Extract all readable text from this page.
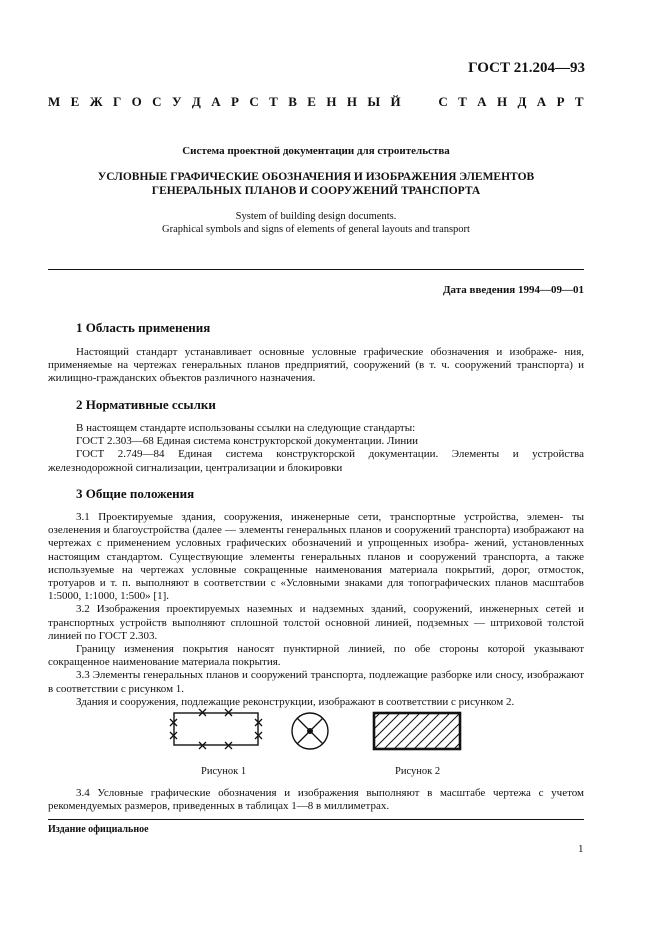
ГОСТ 21.204—93
М Е Ж Г О С У Д А Р С Т В Е Н Н Ы Й

	С Т А Н Д А Р Т
Система проектной документации для строительства
УСЛОВНЫЕ ГРАФИЧЕСКИЕ ОБОЗНАЧЕНИЯ И ИЗОБРАЖЕНИЯ ЭЛЕМЕНТОВ
ГЕНЕРАЛЬНЫХ ПЛАНОВ И СООРУЖЕНИЙ ТРАНСПОРТА
System of building design documents.
Graphical symbols and signs of elements of general layouts and transport
Дата введения 1994—09—01
1 Область применения

Настоящий стандарт устанавливает основные условные графические обозначения и изображе- ния, применяемые на чертежах генеральных планов предприятий, сооружений (в т. ч. сооружений транспорта) и жилищно-гражданских объектов различного назначения.

2 Нормативные ссылки

В настоящем стандарте использованы ссылки на следующие стандарты:

ГОСТ 2.303—68 Единая система конструкторской документации. Линии

ГОСТ 2.749—84 Единая система конструкторской документации. Элементы и устройства железнодорожной сигнализации, централизации и блокировки

3 Общие положения

3.1 Проектируемые здания, сооружения, инженерные сети, транспортные устройства, элемен- ты озеленения и благоустройства (далее — элементы генеральных планов и сооружений транспорта) изображают на чертежах с применением условных графических обозначений и упрощенных изобра- жений, установленных настоящим стандартом. Существующие элементы генеральных планов и сооружений транспорта, а также используемые на чертежах условные сокращенные наименования материала покрытий, дорог, отмосток, тротуаров и т. п. выполняют в соответствии с «Условными знаками для топографических планов масштабов 1:5000, 1:1000, 1:500» [1].

3.2 Изображения проектируемых наземных и надземных зданий, сооружений, инженерных сетей и транспортных устройств выполняют сплошной толстой основной линией, подземных — штриховой толстой линией по ГОСТ 2.303.

Границу изменения покрытия наносят пунктирной линией, по обе стороны которой указывают сокращенное наименование материала покрытия.

3.3 Элементы генеральных планов и сооружений транспорта, подлежащие разборке или сносу, изображают в соответствии с рисунком 1.

Здания и сооружения, подлежащие реконструкции, изображают в соответствии с рисунком 2.

Рисунок 1	Рисунок 2

3.4 Условные графические обозначения и изображения выполняют в масштабе чертежа с учетом рекомендуемых размеров, приведенных в таблицах 1—8 в миллиметрах.

Издание официальное
1
